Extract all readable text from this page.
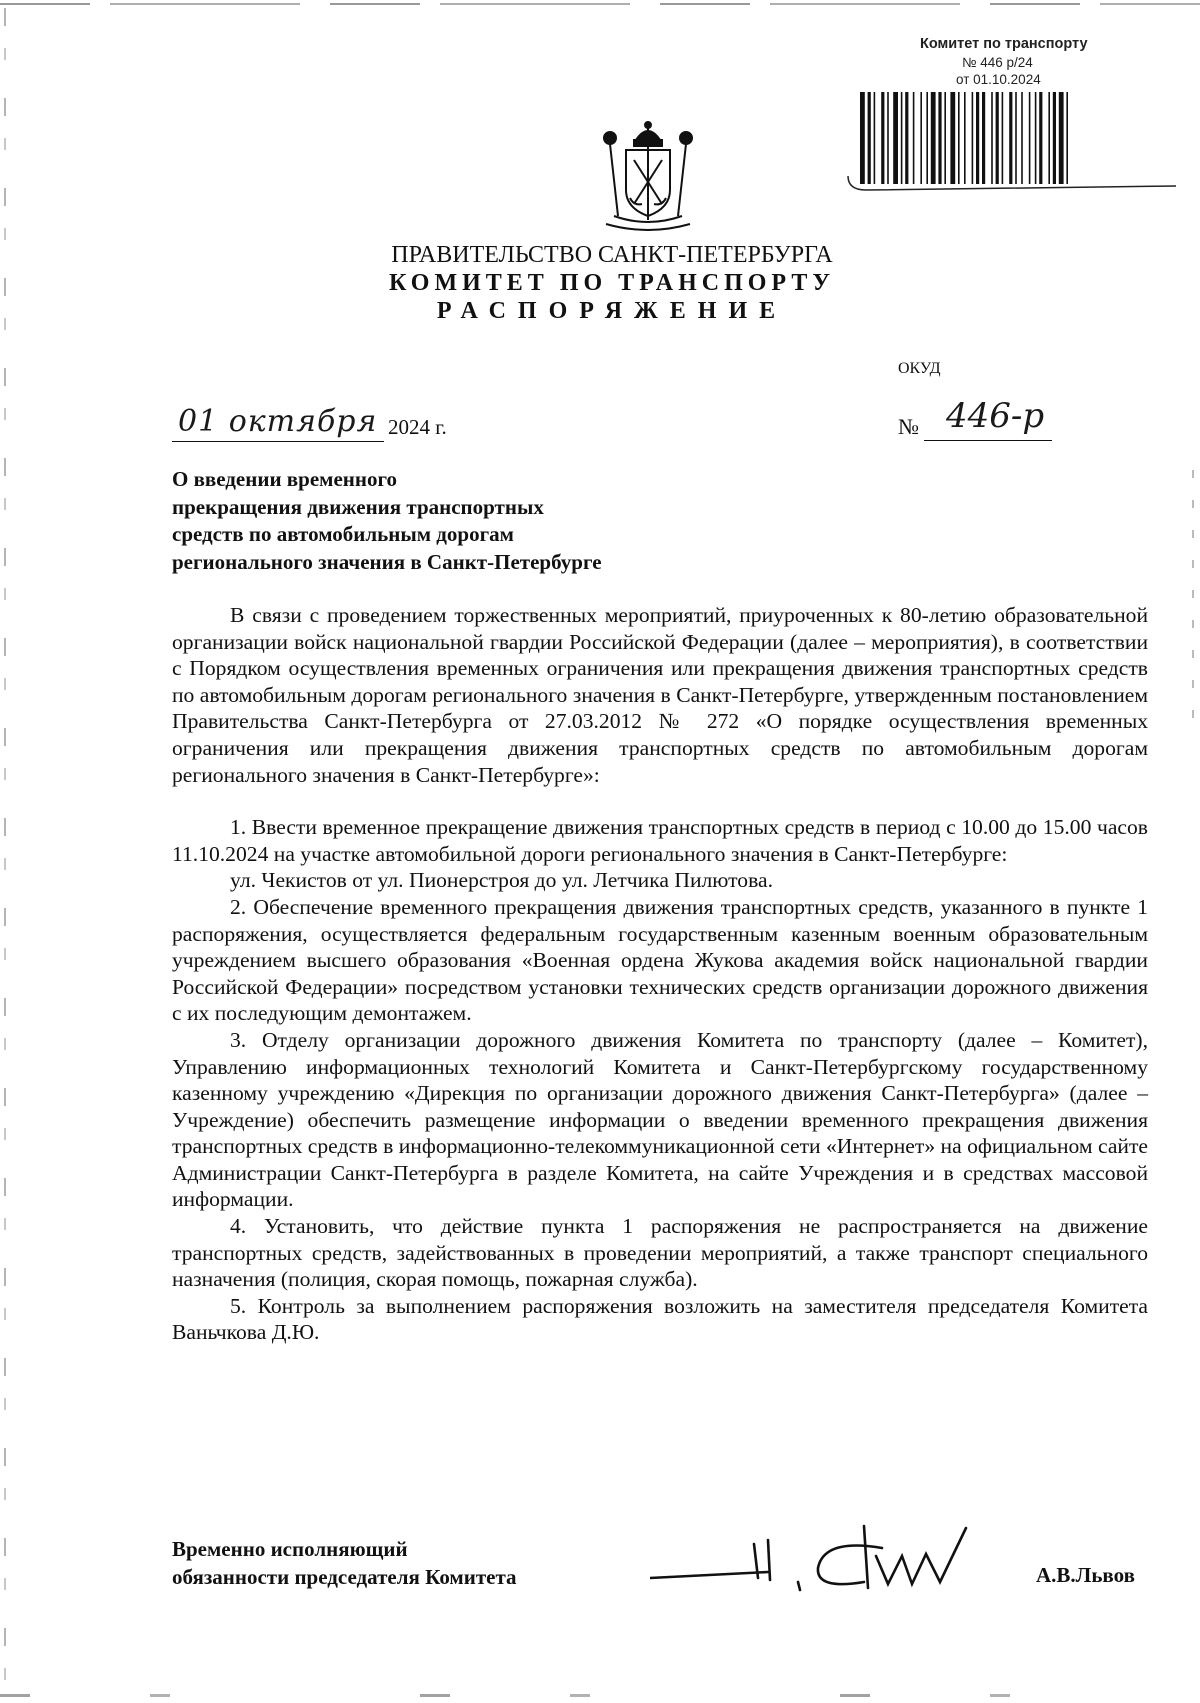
Комитет по транспорту
№ 446 р/24
от 01.10.2024
ПРАВИТЕЛЬСТВО САНКТ-ПЕТЕРБУРГА
КОМИТЕТ ПО ТРАНСПОРТУ
РАСПОРЯЖЕНИЕ
ОКУД
01 октября 2024 г.	№ 446-р
О введении временного
прекращения движения транспортных
средств по автомобильным дорогам
регионального значения в Санкт-Петербурге

В связи с проведением торжественных мероприятий, приуроченных к 80-летию образовательной организации войск национальной гвардии Российской Федерации (далее – мероприятия), в соответствии с Порядком осуществления временных ограничения или прекращения движения транспортных средств по автомобильным дорогам регионального значения в Санкт-Петербурге, утвержденным постановлением Правительства Санкт-Петербурга от 27.03.2012 № 272 «О порядке осуществления временных ограничения или прекращения движения транспортных средств по автомобильным дорогам регионального значения в Санкт-Петербурге»:

1. Ввести временное прекращение движения транспортных средств в период с 10.00 до 15.00 часов 11.10.2024 на участке автомобильной дороги регионального значения в Санкт-Петербурге:

ул. Чекистов от ул. Пионерстроя до ул. Летчика Пилютова.

2. Обеспечение временного прекращения движения транспортных средств, указанного в пункте 1 распоряжения, осуществляется федеральным государственным казенным военным образовательным учреждением высшего образования «Военная ордена Жукова академия войск национальной гвардии Российской Федерации» посредством установки технических средств организации дорожного движения с их последующим демонтажем.

3. Отделу организации дорожного движения Комитета по транспорту (далее – Комитет), Управлению информационных технологий Комитета и Санкт-Петербургскому государственному казенному учреждению «Дирекция по организации дорожного движения Санкт-Петербурга» (далее – Учреждение) обеспечить размещение информации о введении временного прекращения движения транспортных средств в информационно-телекоммуникационной сети «Интернет» на официальном сайте Администрации Санкт-Петербурга в разделе Комитета, на сайте Учреждения и в средствах массовой информации.

4. Установить, что действие пункта 1 распоряжения не распространяется на движение транспортных средств, задействованных в проведении мероприятий, а также транспорт специального назначения (полиция, скорая помощь, пожарная служба).

5. Контроль за выполнением распоряжения возложить на заместителя председателя Комитета Ваньчкова Д.Ю.

Временно исполняющий
обязанности председателя Комитета	А.В.Львов
